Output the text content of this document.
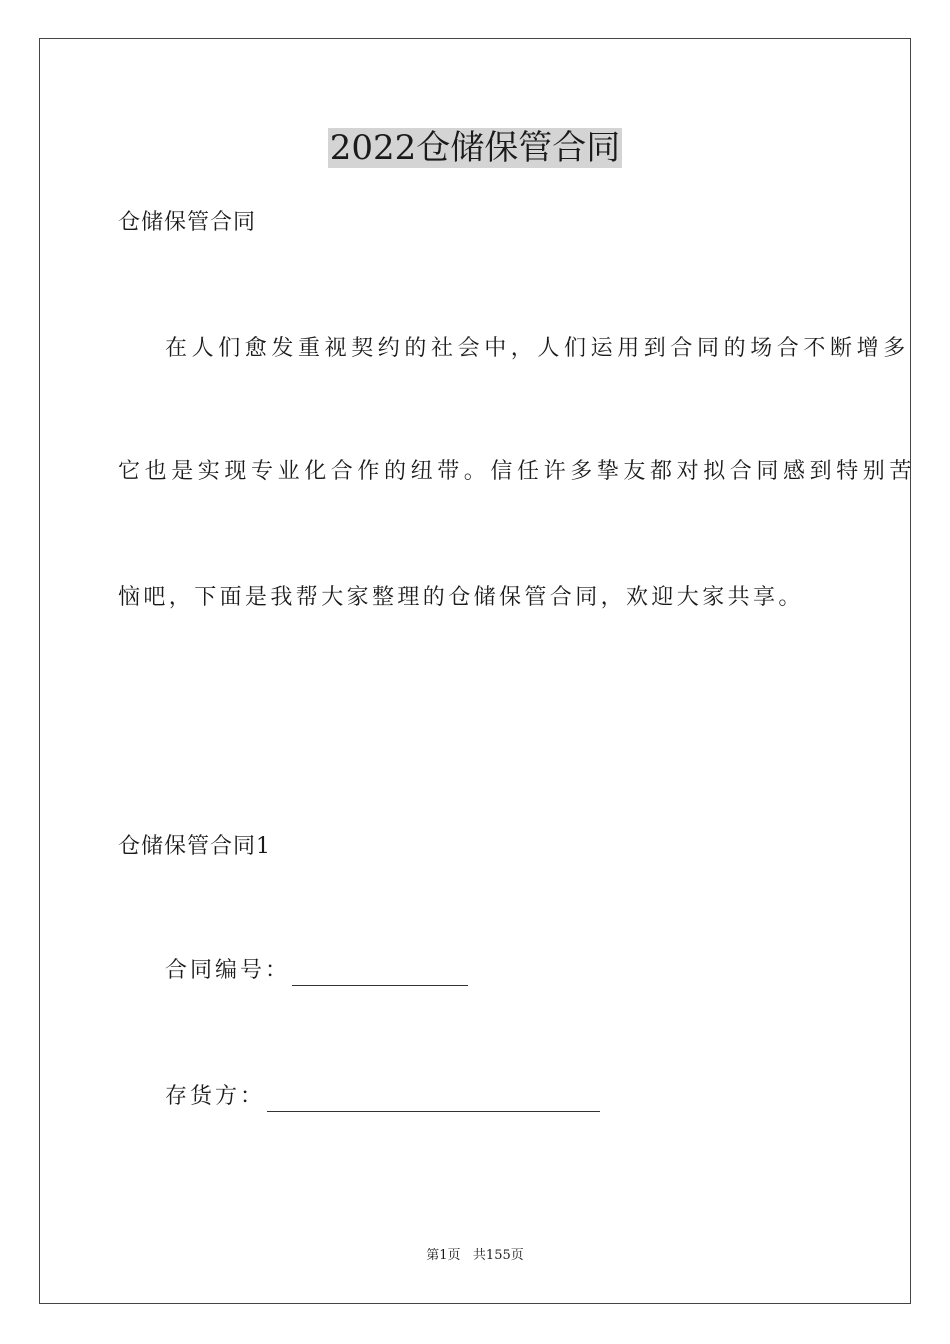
2022仓储保管合同
仓储保管合同
在人们愈发重视契约的社会中，人们运用到合同的场合不断增多
它也是实现专业化合作的纽带。信任许多挚友都对拟合同感到特别苦
恼吧，下面是我帮大家整理的仓储保管合同，欢迎大家共享。
仓储保管合同1
合同编号：
存货方：
第1页   共155页
